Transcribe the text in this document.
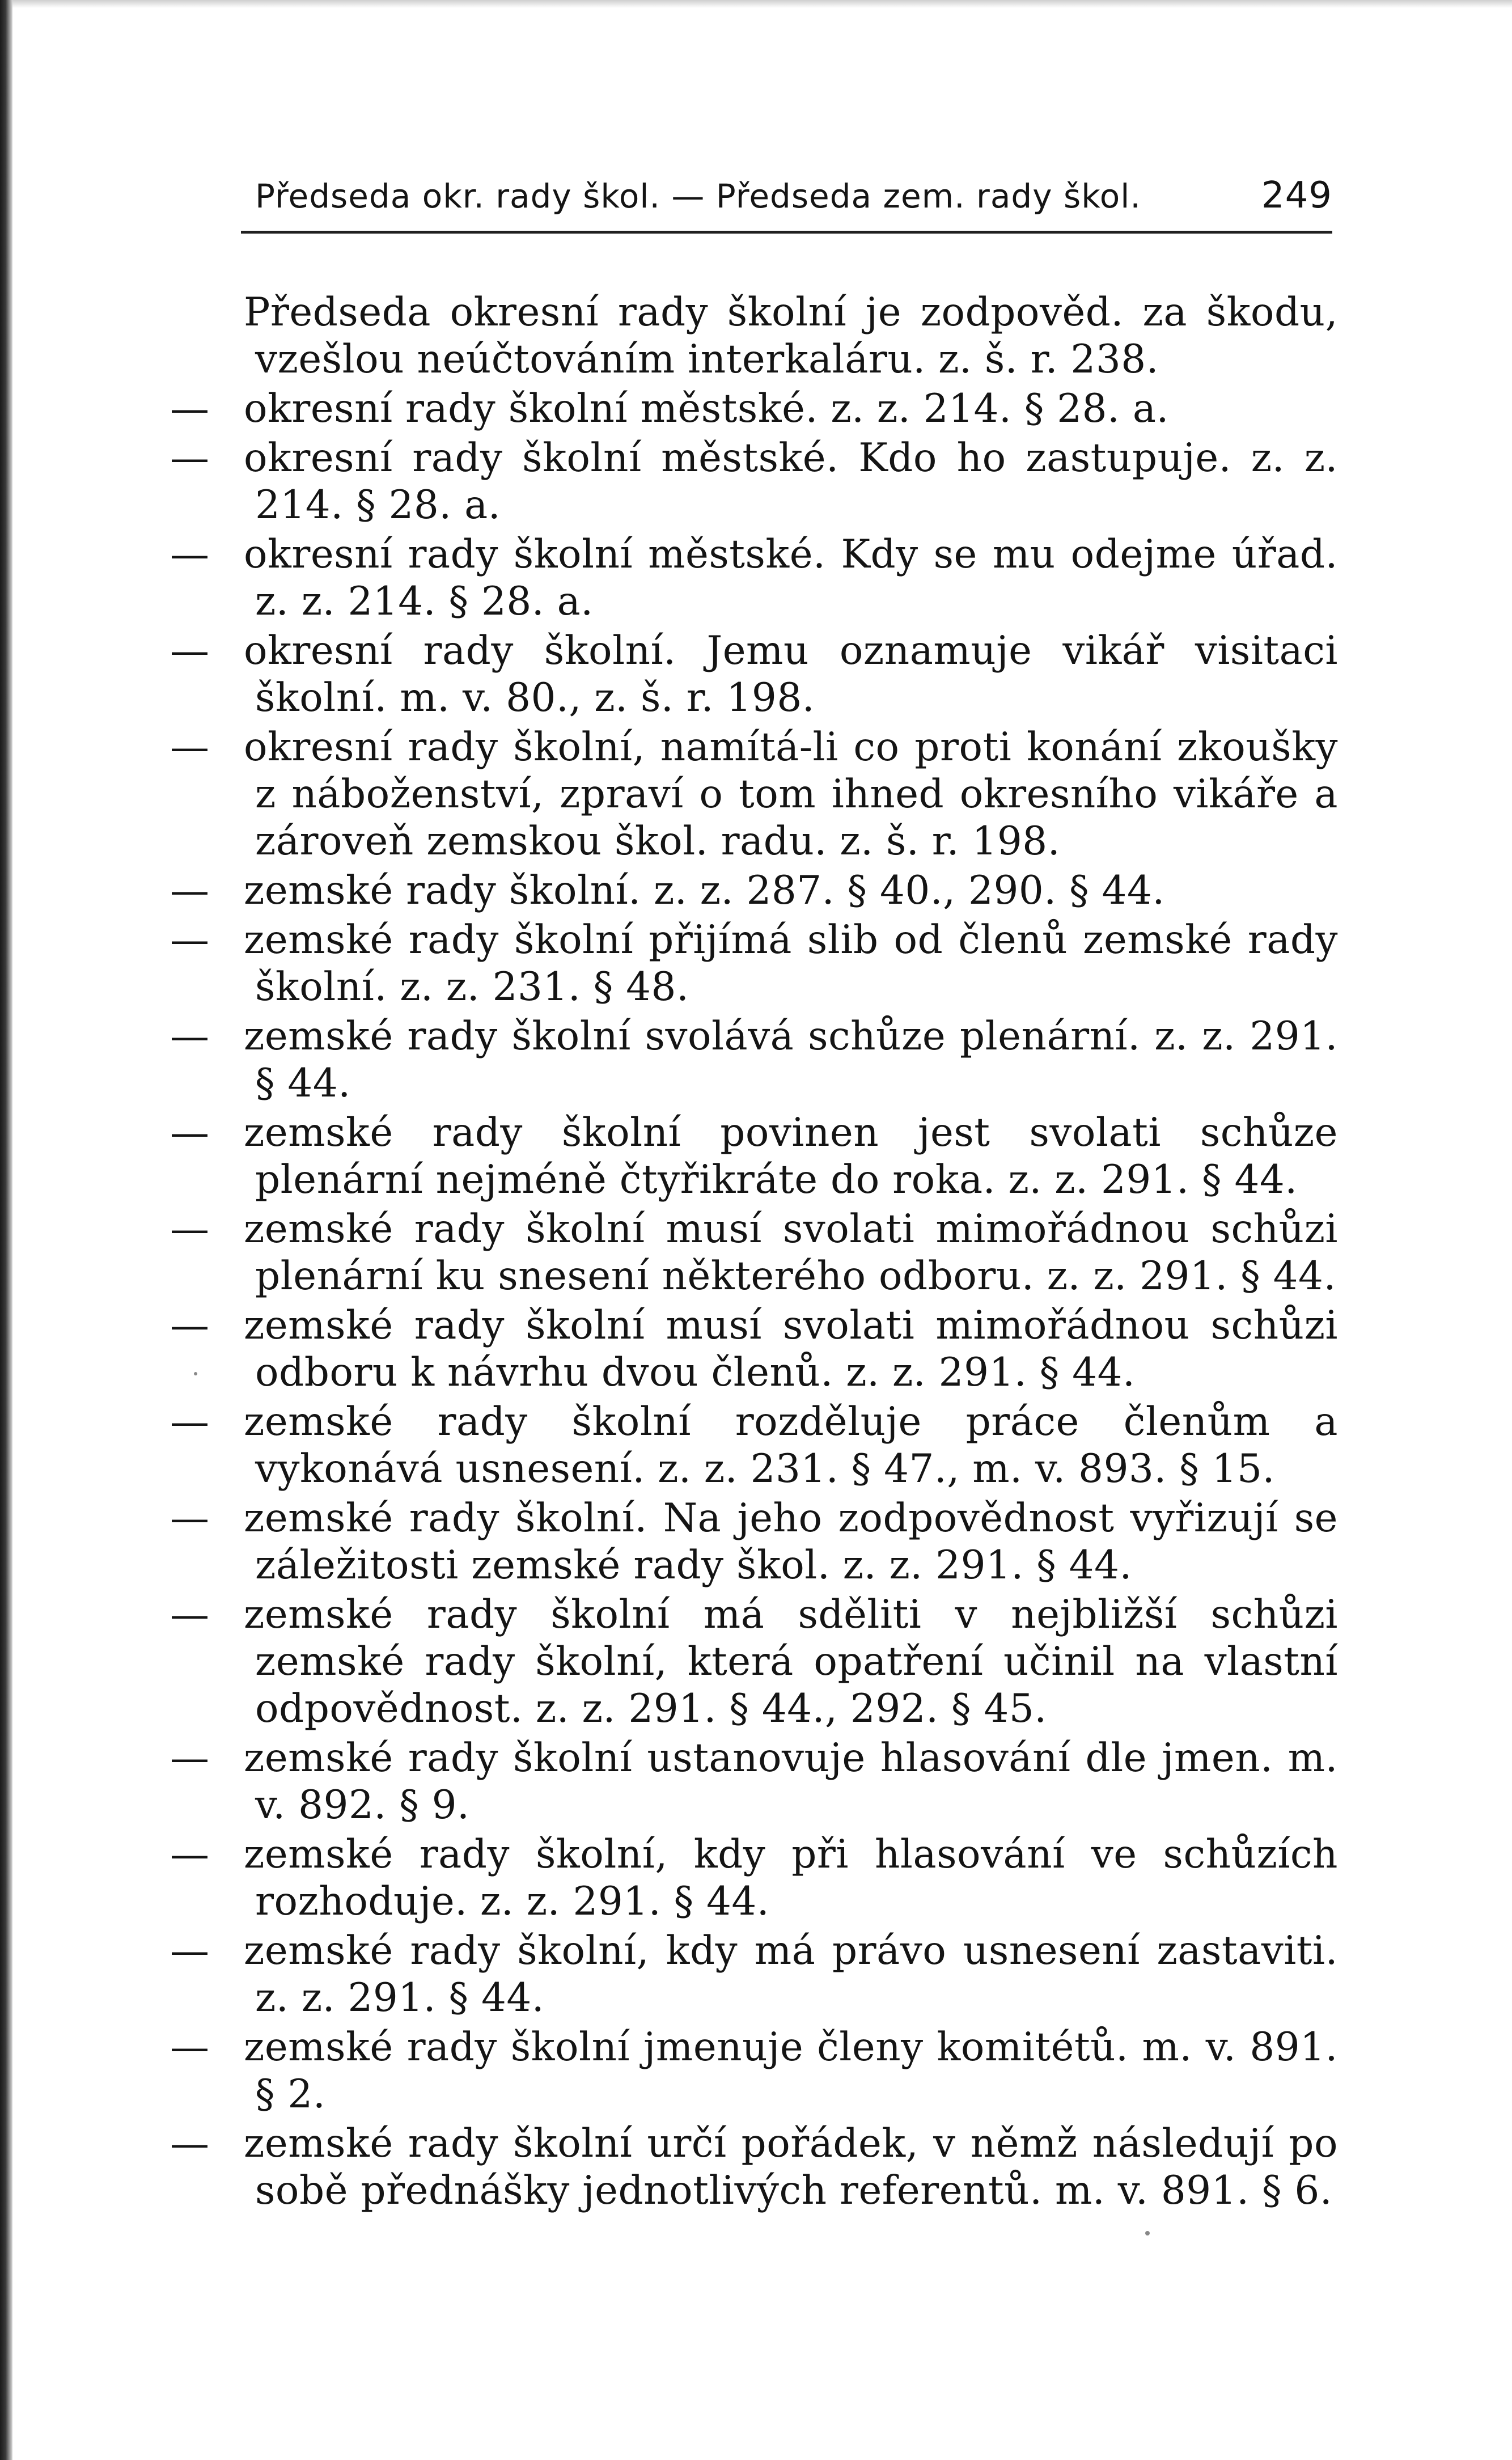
Předseda okr. rady škol. — Předseda zem. rady škol.	249
Předseda okresní rady školní je zodpověd. za škodu, vzešlou neúčtováním interkaláru. z. š. r. 238.
— okresní rady školní městské. z. z. 214. § 28. a.
— okresní rady školní městské. Kdo ho zastupuje. z. z. 214. § 28. a.
— okresní rady školní městské. Kdy se mu odejme úřad. z. z. 214. § 28. a.
— okresní rady školní. Jemu oznamuje vikář visitaci školní. m. v. 80., z. š. r. 198.
— okresní rady školní, namítá-li co proti konání zkoušky z náboženství, zpraví o tom ihned okresního vikáře a zároveň zemskou škol. radu. z. š. r. 198.
— zemské rady školní. z. z. 287. § 40., 290. § 44.
— zemské rady školní přijímá slib od členů zemské rady školní. z. z. 231. § 48.
— zemské rady školní svolává schůze plenární. z. z. 291. § 44.
— zemské rady školní povinen jest svolati schůze plenární nejméně čtyřikráte do roka. z. z. 291. § 44.
— zemské rady školní musí svolati mimořádnou schůzi plenární ku snesení některého odboru. z. z. 291. § 44.
— zemské rady školní musí svolati mimořádnou schůzi odboru k návrhu dvou členů. z. z. 291. § 44.
— zemské rady školní rozděluje práce členům a vykonává usnesení. z. z. 231. § 47., m. v. 893. § 15.
— zemské rady školní. Na jeho zodpovědnost vyřizují se záležitosti zemské rady škol. z. z. 291. § 44.
— zemské rady školní má sděliti v nejbližší schůzi zemské rady školní, která opatření učinil na vlastní odpovědnost. z. z. 291. § 44., 292. § 45.
— zemské rady školní ustanovuje hlasování dle jmen. m. v. 892. § 9.
— zemské rady školní, kdy při hlasování ve schůzích rozhoduje. z. z. 291. § 44.
— zemské rady školní, kdy má právo usnesení zastaviti. z. z. 291. § 44.
— zemské rady školní jmenuje členy komitétů. m. v. 891. § 2.
— zemské rady školní určí pořádek, v němž následují po sobě přednášky jednotlivých referentů. m. v. 891. § 6.
